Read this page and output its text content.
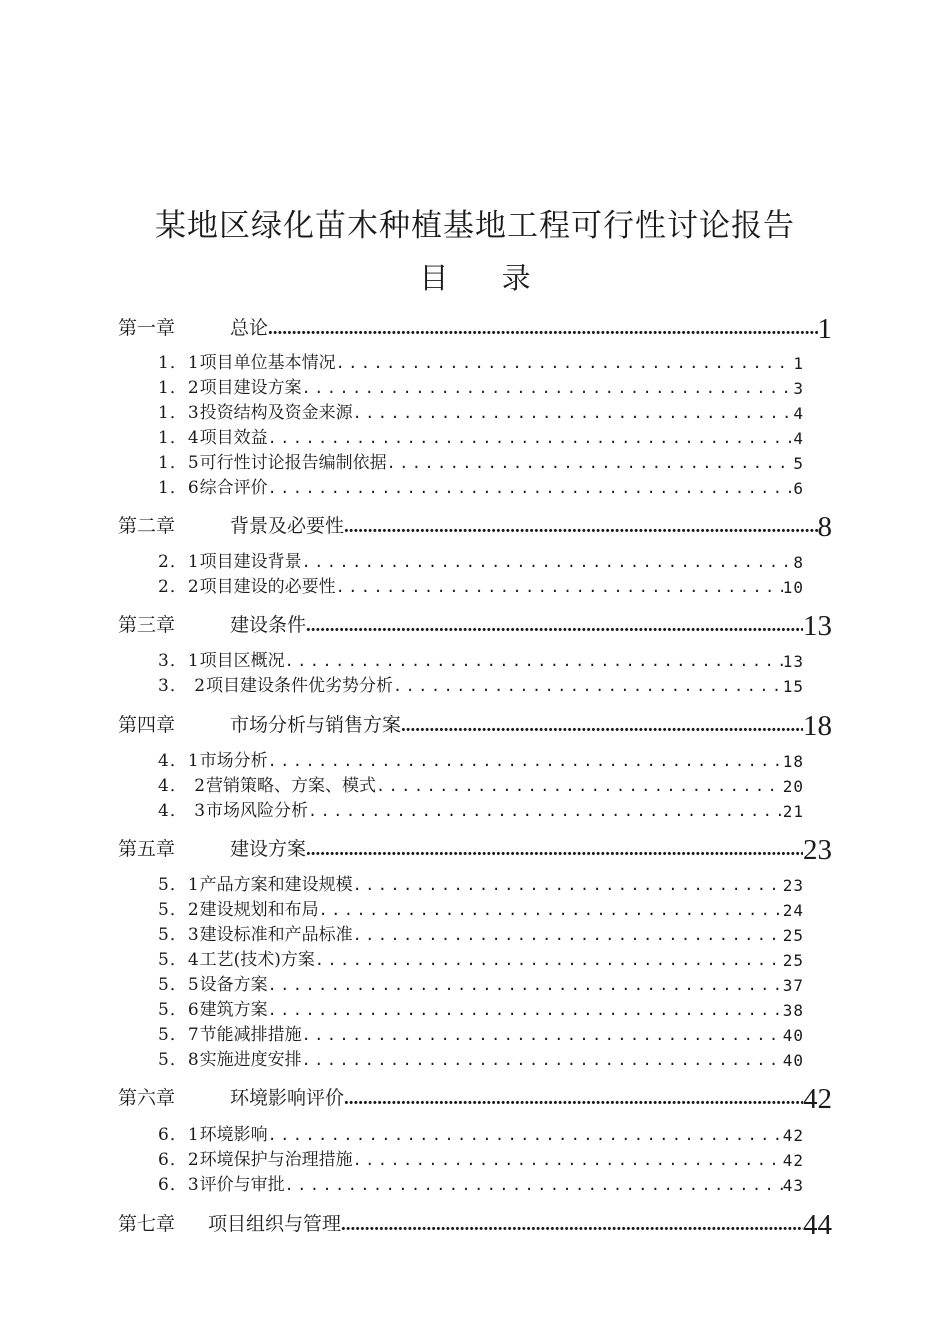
某地区绿化苗木种植基地工程可行性讨论报告
目 录
第一章	总论 .....	1
1．1 项目单位基本情况 .....	1
1．2 项目建设方案 .....	3
1．3 投资结构及资金来源 .....	4
1．4 项目效益 .....	4
1．5 可行性讨论报告编制依据 .....	5
1．6 综合评价 .....	6
第二章	背景及必要性 .....	8
2．1 项目建设背景 .....	8
2．2 项目建设的必要性 .....	10
第三章	建设条件 .....	13
3．1 项目区概况 .....	13
3． 2 项目建设条件优劣势分析 .....	15
第四章	市场分析与销售方案 .....	18
4．1 市场分析 .....	18
4． 2 营销策略、方案、模式 .....	20
4． 3 市场风险分析 .....	21
第五章	建设方案 .....	23
5．1 产品方案和建设规模 .....	23
5．2 建设规划和布局 .....	24
5．3 建设标准和产品标准 .....	25
5．4 工艺(技术)方案 .....	25
5．5 设备方案 .....	37
5．6 建筑方案 .....	38
5．7 节能减排措施 .....	40
5．8 实施进度安排 .....	40
第六章	环境影响评价 .....	42
6．1 环境影响 .....	42
6．2 环境保护与治理措施 .....	42
6．3 评价与审批 .....	43
第七章	项目组织与管理 .....	44
